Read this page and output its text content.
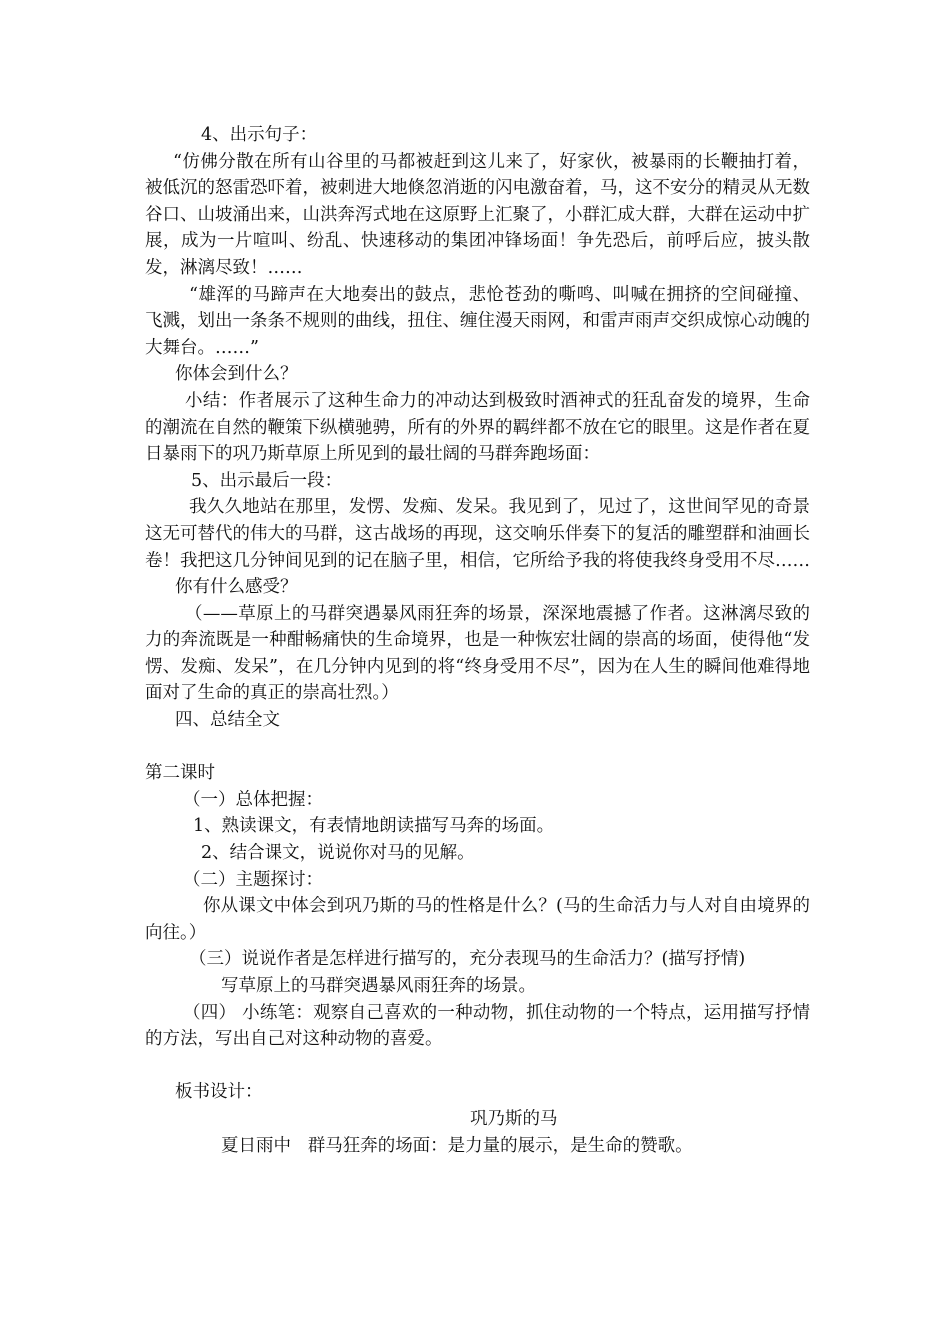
4、出示句子：

“仿佛分散在所有山谷里的马都被赶到这儿来了，好家伙，被暴雨的长鞭抽打着，被低沉的怒雷恐吓着，被刺进大地倏忽消逝的闪电激奋着，马，这不安分的精灵从无数谷口、山坡涌出来，山洪奔泻式地在这原野上汇聚了，小群汇成大群，大群在运动中扩展，成为一片喧叫、纷乱、快速移动的集团冲锋场面！争先恐后，前呼后应，披头散发，淋漓尽致！……

“雄浑的马蹄声在大地奏出的鼓点，悲怆苍劲的嘶鸣、叫喊在拥挤的空间碰撞、飞溅，划出一条条不规则的曲线，扭住、缠住漫天雨网，和雷声雨声交织成惊心动魄的大舞台。……”

你体会到什么？

小结：作者展示了这种生命力的冲动达到极致时酒神式的狂乱奋发的境界，生命的潮流在自然的鞭策下纵横驰骋，所有的外界的羁绊都不放在它的眼里。这是作者在夏日暴雨下的巩乃斯草原上所见到的最壮阔的马群奔跑场面：

5、出示最后一段：

我久久地站在那里，发愣、发痴、发呆。我见到了，见过了，这世间罕见的奇景这无可替代的伟大的马群，这古战场的再现，这交响乐伴奏下的复活的雕塑群和油画长卷！我把这几分钟间见到的记在脑子里，相信，它所给予我的将使我终身受用不尽……

你有什么感受？

（——草原上的马群突遇暴风雨狂奔的场景，深深地震撼了作者。这淋漓尽致的力的奔流既是一种酣畅痛快的生命境界，也是一种恢宏壮阔的崇高的场面，使得他“发愣、发痴、发呆”，在几分钟内见到的将“终身受用不尽”，因为在人生的瞬间他难得地面对了生命的真正的崇高壮烈。）

四、总结全文

第二课时

（一）总体把握：

1、熟读课文，有表情地朗读描写马奔的场面。

2、结合课文，说说你对马的见解。

（二）主题探讨：

你从课文中体会到巩乃斯的马的性格是什么？(马的生命活力与人对自由境界的向往。）

（三）说说作者是怎样进行描写的，充分表现马的生命活力？(描写抒情)

写草原上的马群突遇暴风雨狂奔的场景。

（四） 小练笔：观察自己喜欢的一种动物，抓住动物的一个特点，运用描写抒情的方法，写出自己对这种动物的喜爱。

板书设计：

巩乃斯的马

夏日雨中   群马狂奔的场面：是力量的展示，是生命的赞歌。
